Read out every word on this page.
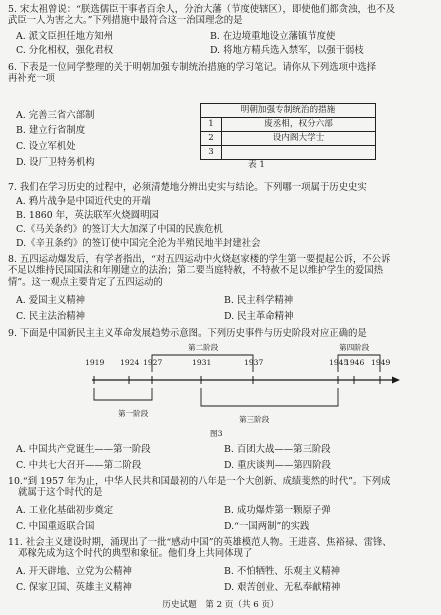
5. 宋太祖曾说：“朕选儒臣干事者百余人，分治大藩（节度使辖区），即使他们都贪浊，也不及
武臣一人为害之大。”下列措施中最符合这一治国理念的是
A. 派文臣担任地方知州	B. 在边境重地设立藩镇节度使
C. 分化相权，强化君权	D. 将地方精兵选入禁军，以强干弱枝
6. 下表是一位同学整理的关于明朝加强专制统治措施的学习笔记。请你从下列选项中选择
再补充一项
A. 完善三省六部制
B. 建立行省制度
C. 设立军机处
D. 设厂卫特务机构
明朝加强专制统治的措施	
1	废丞相，权分六部
2	设内阁大学士
3	
表 1
7. 我们在学习历史的过程中，必须清楚地分辨出史实与结论。下列哪一项属于历史史实
A. 鸦片战争是中国近代史的开端
B. 1860 年，英法联军火烧圆明园
C.《马关条约》的签订大大加深了中国的民族危机
D.《辛丑条约》的签订使中国完全沦为半殖民地半封建社会
8. 五四运动爆发后，有学者指出，“对五四运动中火烧赵家楼的学生第一要提起公诉，不公诉
不足以维持民国国法和年刚建立的法治；第二要当庭特赦，不特赦不足以维护学生的爱国热
情”。这一观点主要肯定了五四运动的
A. 爱国主义精神	B. 民主科学精神
C. 民主法治精神	D. 民主革命精神
9. 下面是中国新民主主义革命发展趋势示意图。下列历史事件与历史阶段对应正确的是
第二阶段	第四阶段
第一阶段
第三阶段
图3
1919 1924 1927	1931	1937	1945
1946 1949
A. 中国共产党诞生——第一阶段	B. 百团大战——第三阶段
C. 中共七大召开——第二阶段	D. 重庆谈判——第四阶段
10.“到 1957 年为止，中华人民共和国最初的八年是一个大创新、成绩斐然的时代”。下列成
就属于这个时代的是
A. 工业化基础初步奠定	B. 成功爆炸第一颗原子弹
C. 中国重返联合国	D.“一国两制”的实践
11. 社会主义建设时期，涌现出了一批“感动中国”的英雄模范人物。王进喜、焦裕禄、雷锋、
邓稼先成为这个时代的典型和象征。他们身上共同体现了
A. 开天辟地、立党为公精神	B. 不怕牺牲、乐观主义精神
C. 保家卫国、英雄主义精神	D. 艰苦创业、无私奉献精神
历史试题　第 2 页（共 6 页）
